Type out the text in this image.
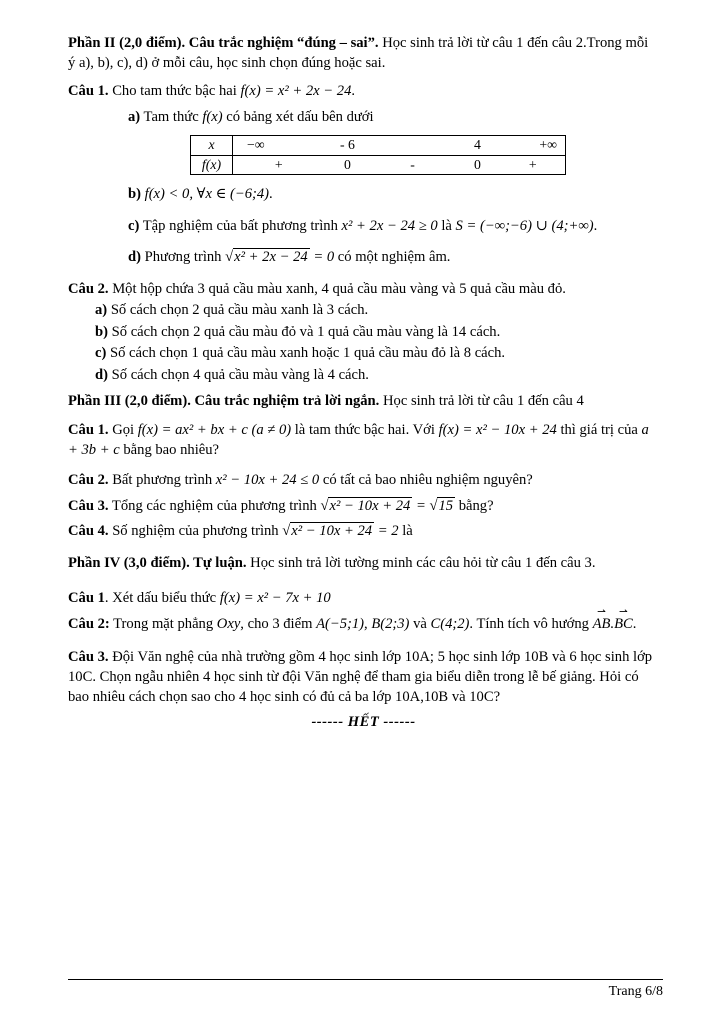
Phần II (2,0 điểm). Câu trắc nghiệm “đúng – sai”. Học sinh trả lời từ câu 1 đến câu 2.Trong mỗi ý a), b), c), d) ở mỗi câu, học sinh chọn đúng hoặc sai.

Câu 1. Cho tam thức bậc hai f(x) = x² + 2x − 24.

a) Tam thức f(x) có bảng xét dấu bên dưới

x	−∞	- 6		4	+∞
f(x)	+	0	-	0	+

b) f(x) < 0, ∀x ∈ (−6;4).

c) Tập nghiệm của bất phương trình x² + 2x − 24 ≥ 0 là S = (−∞;−6) ∪ (4;+∞).

d) Phương trình √x² + 2x − 24 = 0 có một nghiệm âm.

Câu 2. Một hộp chứa 3 quả cầu màu xanh, 4 quả cầu màu vàng và 5 quả cầu màu đỏ.

a) Số cách chọn 2 quả cầu màu xanh là 3 cách.

b) Số cách chọn 2 quả cầu màu đỏ và 1 quả cầu màu vàng là 14 cách.

c) Số cách chọn 1 quả cầu màu xanh hoặc 1 quả cầu màu đỏ là 8 cách.

d) Số cách chọn 4 quả cầu màu vàng là 4 cách.

Phần III (2,0 điểm). Câu trắc nghiệm trả lời ngắn. Học sinh trả lời từ câu 1 đến câu 4

Câu 1. Gọi f(x) = ax² + bx + c (a ≠ 0) là tam thức bậc hai. Với f(x) = x² − 10x + 24 thì giá trị của a + 3b + c bằng bao nhiêu?

Câu 2. Bất phương trình x² − 10x + 24 ≤ 0 có tất cả bao nhiêu nghiệm nguyên?

Câu 3. Tổng các nghiệm của phương trình √x² − 10x + 24 = √15 bằng?

Câu 4. Số nghiệm của phương trình √x² − 10x + 24 = 2 là

Phần IV (3,0 điểm). Tự luận. Học sinh trả lời tường minh các câu hỏi từ câu 1 đến câu 3.

Câu 1. Xét dấu biểu thức f(x) = x² − 7x + 10

Câu 2: Trong mặt phẳng Oxy, cho 3 điểm A(−5;1), B(2;3) và C(4;2). Tính tích vô hướng
⇀
AB.
⇀
BC.

Câu 3. Đội Văn nghệ của nhà trường gồm 4 học sinh lớp 10A; 5 học sinh lớp 10B và 6 học sinh lớp 10C. Chọn ngẫu nhiên 4 học sinh từ đội Văn nghệ để tham gia biểu diễn trong lễ bế giảng. Hỏi có bao nhiêu cách chọn sao cho 4 học sinh có đủ cả ba lớp 10A,10B và 10C?

------ HẾT ------

Trang 6/8
